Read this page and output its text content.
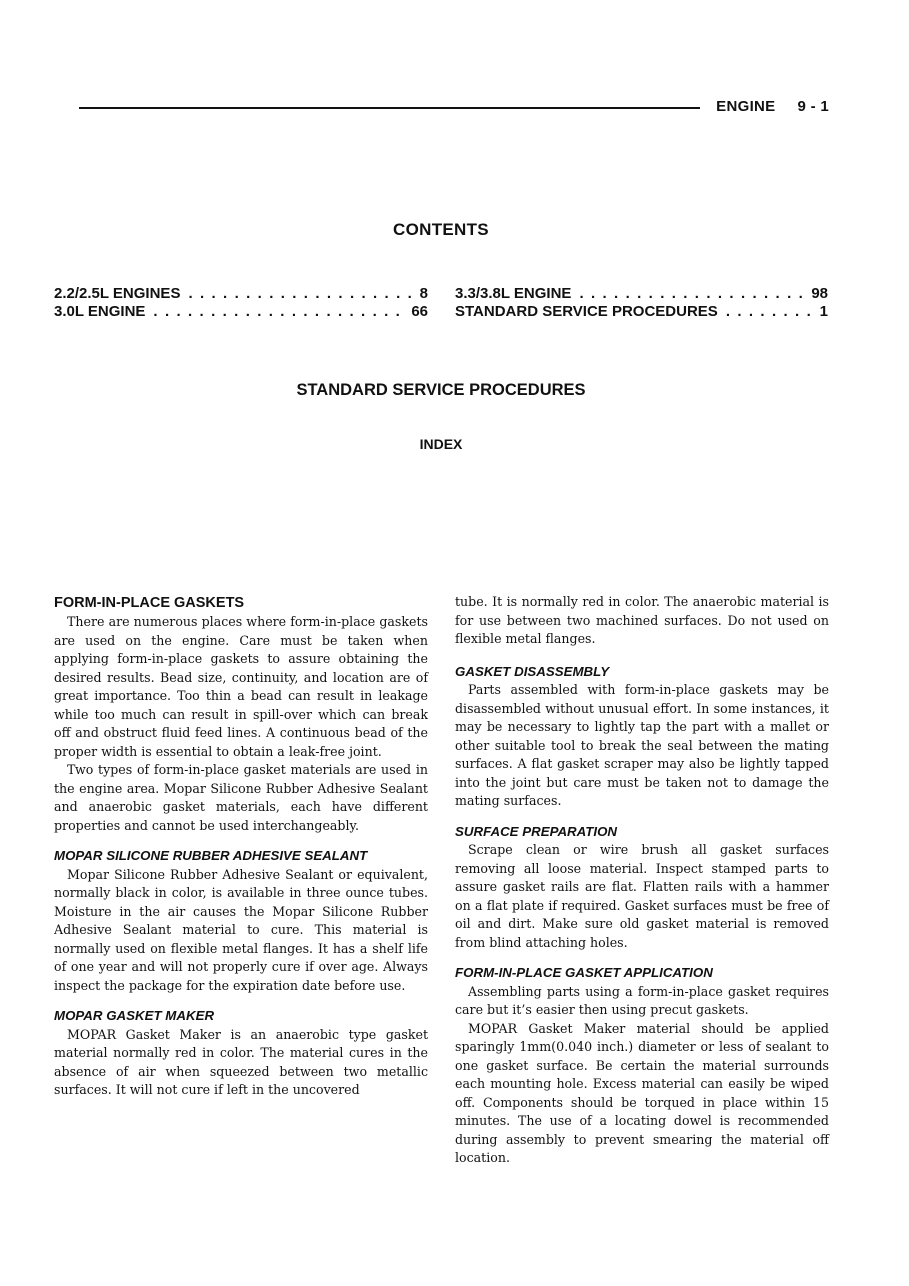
ENGINE 9 - 1
CONTENTS
2.2/2.5L ENGINES . . .	8
3.0L ENGINE . . .	66
3.3/3.8L ENGINE . . .	98
STANDARD SERVICE PROCEDURES . . .	1
STANDARD SERVICE PROCEDURES
INDEX
FORM-IN-PLACE GASKETS

There are numerous places where form-in-place gaskets are used on the engine. Care must be taken when applying form-in-place gaskets to assure obtaining the desired results. Bead size, continuity, and location are of great importance. Too thin a bead can result in leakage while too much can result in spill-over which can break off and obstruct fluid feed lines. A continuous bead of the proper width is essential to obtain a leak-free joint.

Two types of form-in-place gasket materials are used in the engine area. Mopar Silicone Rubber Adhesive Sealant and anaerobic gasket materials, each have different properties and cannot be used interchangeably.

MOPAR SILICONE RUBBER ADHESIVE SEALANT

Mopar Silicone Rubber Adhesive Sealant or equivalent, normally black in color, is available in three ounce tubes. Moisture in the air causes the Mopar Silicone Rubber Adhesive Sealant material to cure. This material is normally used on flexible metal flanges. It has a shelf life of one year and will not properly cure if over age. Always inspect the package for the expiration date before use.

MOPAR GASKET MAKER

MOPAR Gasket Maker is an anaerobic type gasket material normally red in color. The material cures in the absence of air when squeezed between two metallic surfaces. It will not cure if left in the uncovered

tube. It is normally red in color. The anaerobic material is for use between two machined surfaces. Do not used on flexible metal flanges.

GASKET DISASSEMBLY

Parts assembled with form-in-place gaskets may be disassembled without unusual effort. In some instances, it may be necessary to lightly tap the part with a mallet or other suitable tool to break the seal between the mating surfaces. A flat gasket scraper may also be lightly tapped into the joint but care must be taken not to damage the mating surfaces.

SURFACE PREPARATION

Scrape clean or wire brush all gasket surfaces removing all loose material. Inspect stamped parts to assure gasket rails are flat. Flatten rails with a hammer on a flat plate if required. Gasket surfaces must be free of oil and dirt. Make sure old gasket material is removed from blind attaching holes.

FORM-IN-PLACE GASKET APPLICATION

Assembling parts using a form-in-place gasket requires care but it’s easier then using precut gaskets.

MOPAR Gasket Maker material should be applied sparingly 1mm(0.040 inch.) diameter or less of sealant to one gasket surface. Be certain the material surrounds each mounting hole. Excess material can easily be wiped off. Components should be torqued in place within 15 minutes. The use of a locating dowel is recommended during assembly to prevent smearing the material off location.
